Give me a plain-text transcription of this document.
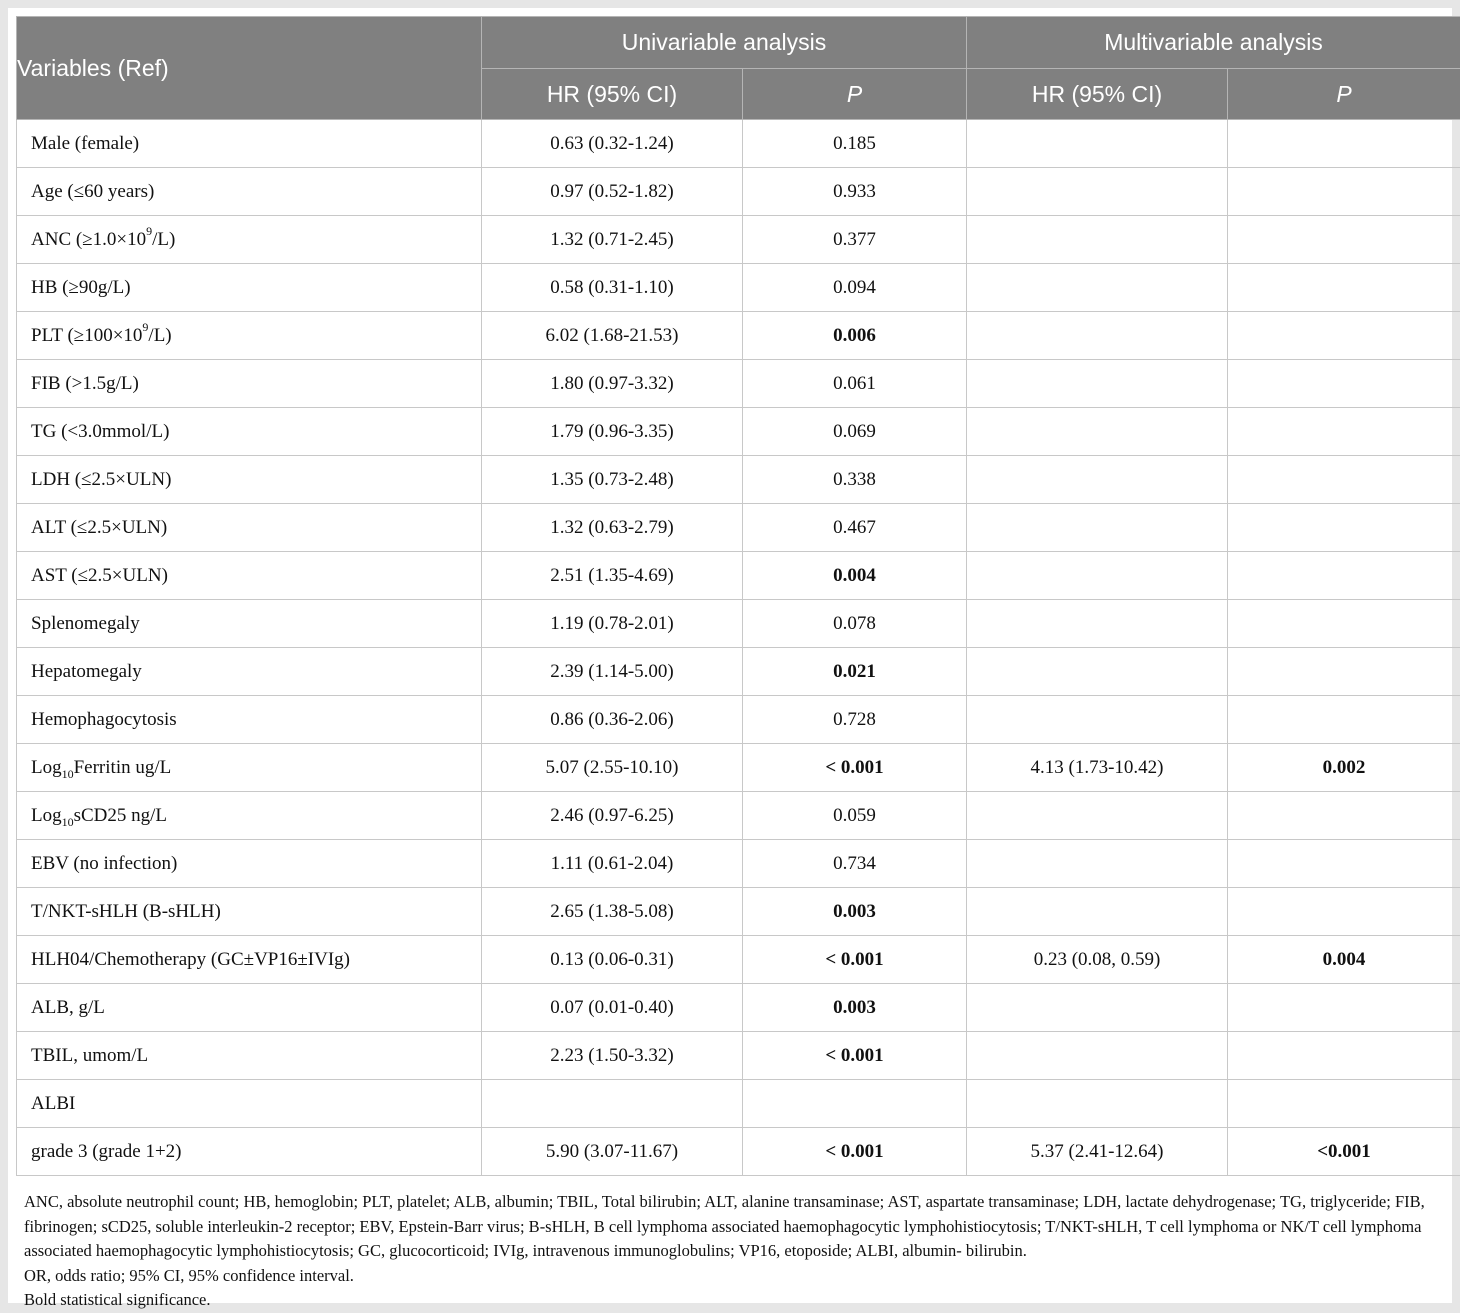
Variables (Ref)	Univariable analysis		Multivariable analysis	
	HR (95% CI)	P	HR (95% CI)	P
Male (female)	0.63 (0.32-1.24)	0.185		
Age (≤60 years)	0.97 (0.52-1.82)	0.933		
ANC $(\ge 1.0\times 10^9/L)$	1.32 (0.71-2.45)	0.377		
HB (≥90g/L)	0.58 (0.31-1.10)	0.094		
PLT $(\ge 100\times 10^9/L)$	6.02 (1.68-21.53)	0.006		
FIB (>1.5g/L)	1.80 (0.97-3.32)	0.061		
TG (<3.0mmol/L)	1.79 (0.96-3.35)	0.069		
LDH (≤2.5×ULN)	1.35 (0.73-2.48)	0.338		
ALT (≤2.5×ULN)	1.32 (0.63-2.79)	0.467		
AST (≤2.5×ULN)	2.51 (1.35-4.69)	0.004		
Splenomegaly	1.19 (0.78-2.01)	0.078		
Hepatomegaly	2.39 (1.14-5.00)	0.021		
Hemophagocytosis	0.86 (0.36-2.06)	0.728		
Log$_{10}$Ferritin ug/L	5.07 (2.55-10.10)	< 0.001	4.13 (1.73-10.42)	0.002
Log$_{10}$sCD25 ng/L	2.46 (0.97-6.25)	0.059		
EBV (no infection)	1.11 (0.61-2.04)	0.734		
T/NKT-sHLH (B-sHLH)	2.65 (1.38-5.08)	0.003		
HLH04/Chemotherapy (GC±VP16±IVIg)	0.13 (0.06-0.31)	< 0.001	0.23 (0.08, 0.59)	0.004
ALB, g/L	0.07 (0.01-0.40)	0.003		
TBIL, umom/L	2.23 (1.50-3.32)	< 0.001		
ALBI				
grade 3 (grade 1+2)	5.90 (3.07-11.67)	< 0.001	5.37 (2.41-12.64)	<0.001

ANC, absolute neutrophil count; HB, hemoglobin; PLT, platelet; ALB, albumin; TBIL, Total bilirubin; ALT, alanine transaminase; AST, aspartate transaminase; LDH, lactate dehydrogenase; TG, triglyceride; FIB, fibrinogen; sCD25, soluble interleukin-2 receptor; EBV, Epstein-Barr virus; B-sHLH, B cell lymphoma associated haemophagocytic lymphohistiocytosis; T/NKT-sHLH, T cell lymphoma or NK/T cell lymphoma associated haemophagocytic lymphohistiocytosis; GC, glucocorticoid; IVIg, intravenous immunoglobulins; VP16, etoposide; ALBI, albumin- bilirubin.

OR, odds ratio; 95% CI, 95% confidence interval.

Bold statistical significance.
